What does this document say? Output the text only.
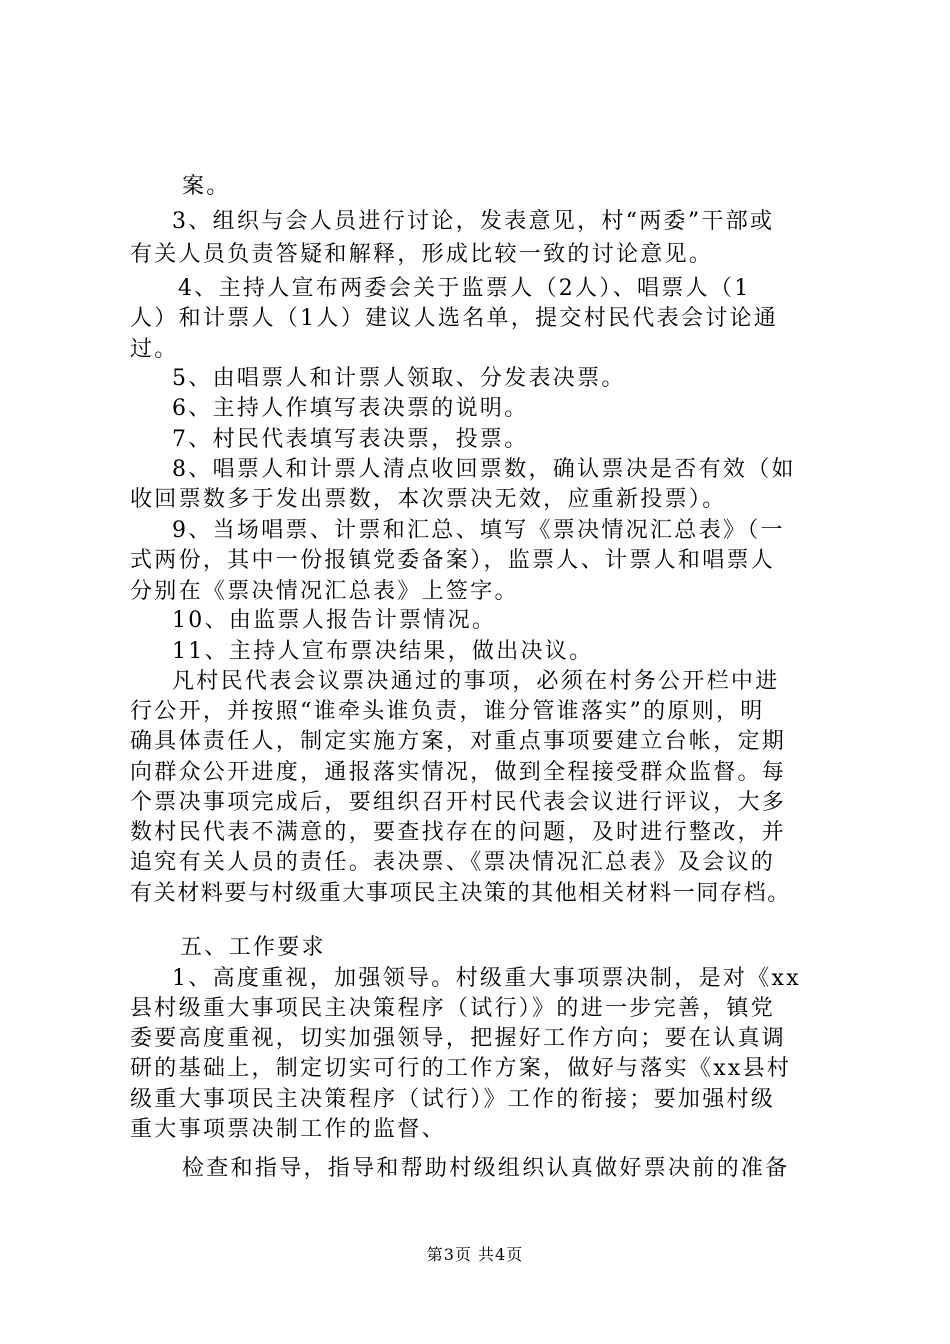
案。
3、组织与会人员进行讨论，发表意见，村“两委”干部或
有关人员负责答疑和解释，形成比较一致的讨论意见。
4、主持人宣布两委会关于监票人（2人）、唱票人（1
人）和计票人（1人）建议人选名单，提交村民代表会讨论通
过。
5、由唱票人和计票人领取、分发表决票。
6、主持人作填写表决票的说明。
7、村民代表填写表决票，投票。
8、唱票人和计票人清点收回票数，确认票决是否有效（如
收回票数多于发出票数，本次票决无效，应重新投票）。
9、当场唱票、计票和汇总、填写《票决情况汇总表》（一
式两份，其中一份报镇党委备案），监票人、计票人和唱票人
分别在《票决情况汇总表》上签字。
10、由监票人报告计票情况。
11、主持人宣布票决结果，做出决议。
凡村民代表会议票决通过的事项，必须在村务公开栏中进
行公开，并按照“谁牵头谁负责，谁分管谁落实”的原则，明
确具体责任人，制定实施方案，对重点事项要建立台帐，定期
向群众公开进度，通报落实情况，做到全程接受群众监督。每
个票决事项完成后，要组织召开村民代表会议进行评议，大多
数村民代表不满意的，要查找存在的问题，及时进行整改，并
追究有关人员的责任。表决票、《票决情况汇总表》及会议的
有关材料要与村级重大事项民主决策的其他相关材料一同存档。
五、工作要求
1、高度重视，加强领导。村级重大事项票决制，是对《xx
县村级重大事项民主决策程序（试行）》的进一步完善，镇党
委要高度重视，切实加强领导，把握好工作方向；要在认真调
研的基础上，制定切实可行的工作方案，做好与落实《xx县村
级重大事项民主决策程序（试行）》工作的衔接；要加强村级
重大事项票决制工作的监督、
检查和指导，指导和帮助村级组织认真做好票决前的准备
第3页 共4页
